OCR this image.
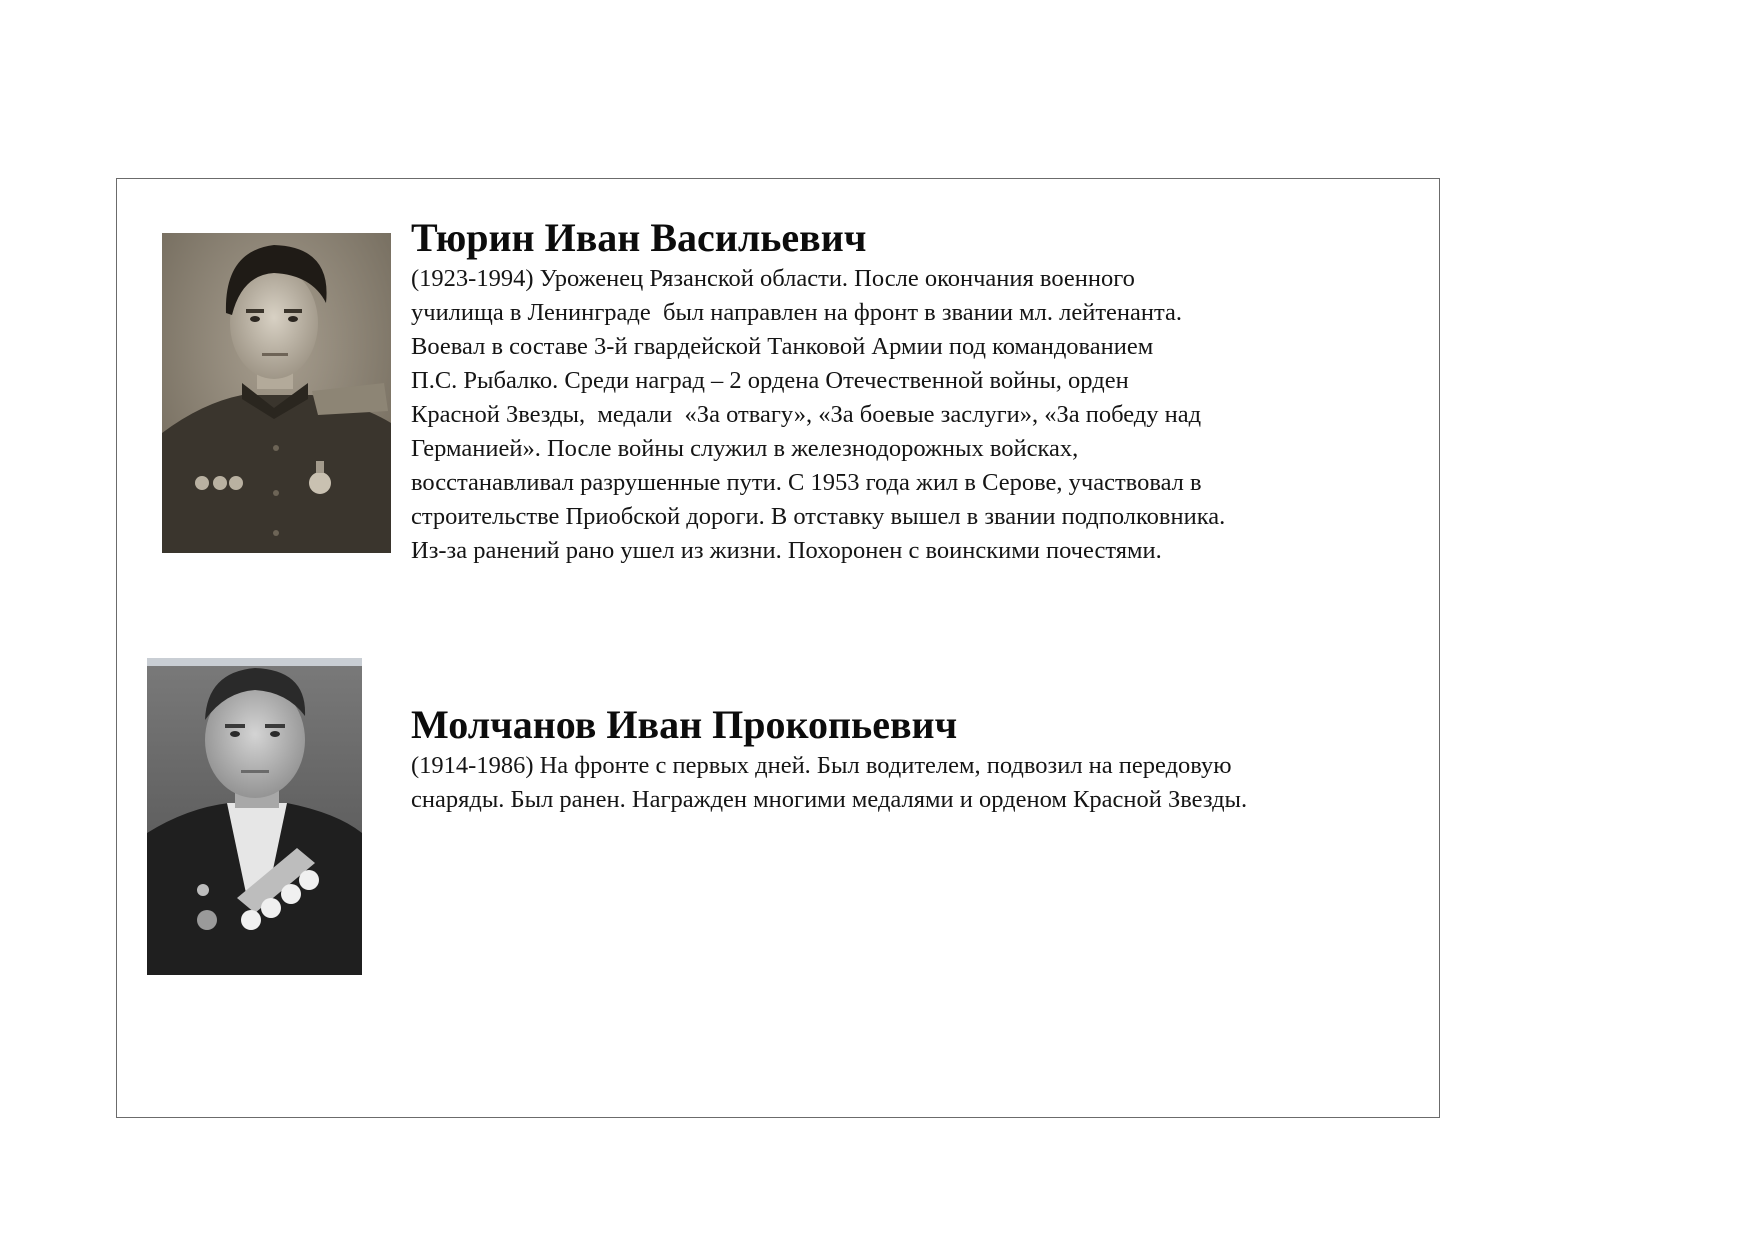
Тюрин Иван Васильевич
(1923-1994) Уроженец Рязанской области. После окончания военного
училища в Ленинграде  был направлен на фронт в звании мл. лейтенанта.
Воевал в составе 3-й гвардейской Танковой Армии под командованием
П.С. Рыбалко. Среди наград – 2 ордена Отечественной войны, орден
Красной Звезды,  медали  «За отвагу», «За боевые заслуги», «За победу над
Германией». После войны служил в железнодорожных войсках,
восстанавливал разрушенные пути. С 1953 года жил в Серове, участвовал в
строительстве Приобской дороги. В отставку вышел в звании подполковника.
Из-за ранений рано ушел из жизни. Похоронен с воинскими почестями.
Молчанов Иван Прокопьевич
(1914-1986) На фронте с первых дней. Был водителем, подвозил на передовую
снаряды. Был ранен. Награжден многими медалями и орденом Красной Звезды.
